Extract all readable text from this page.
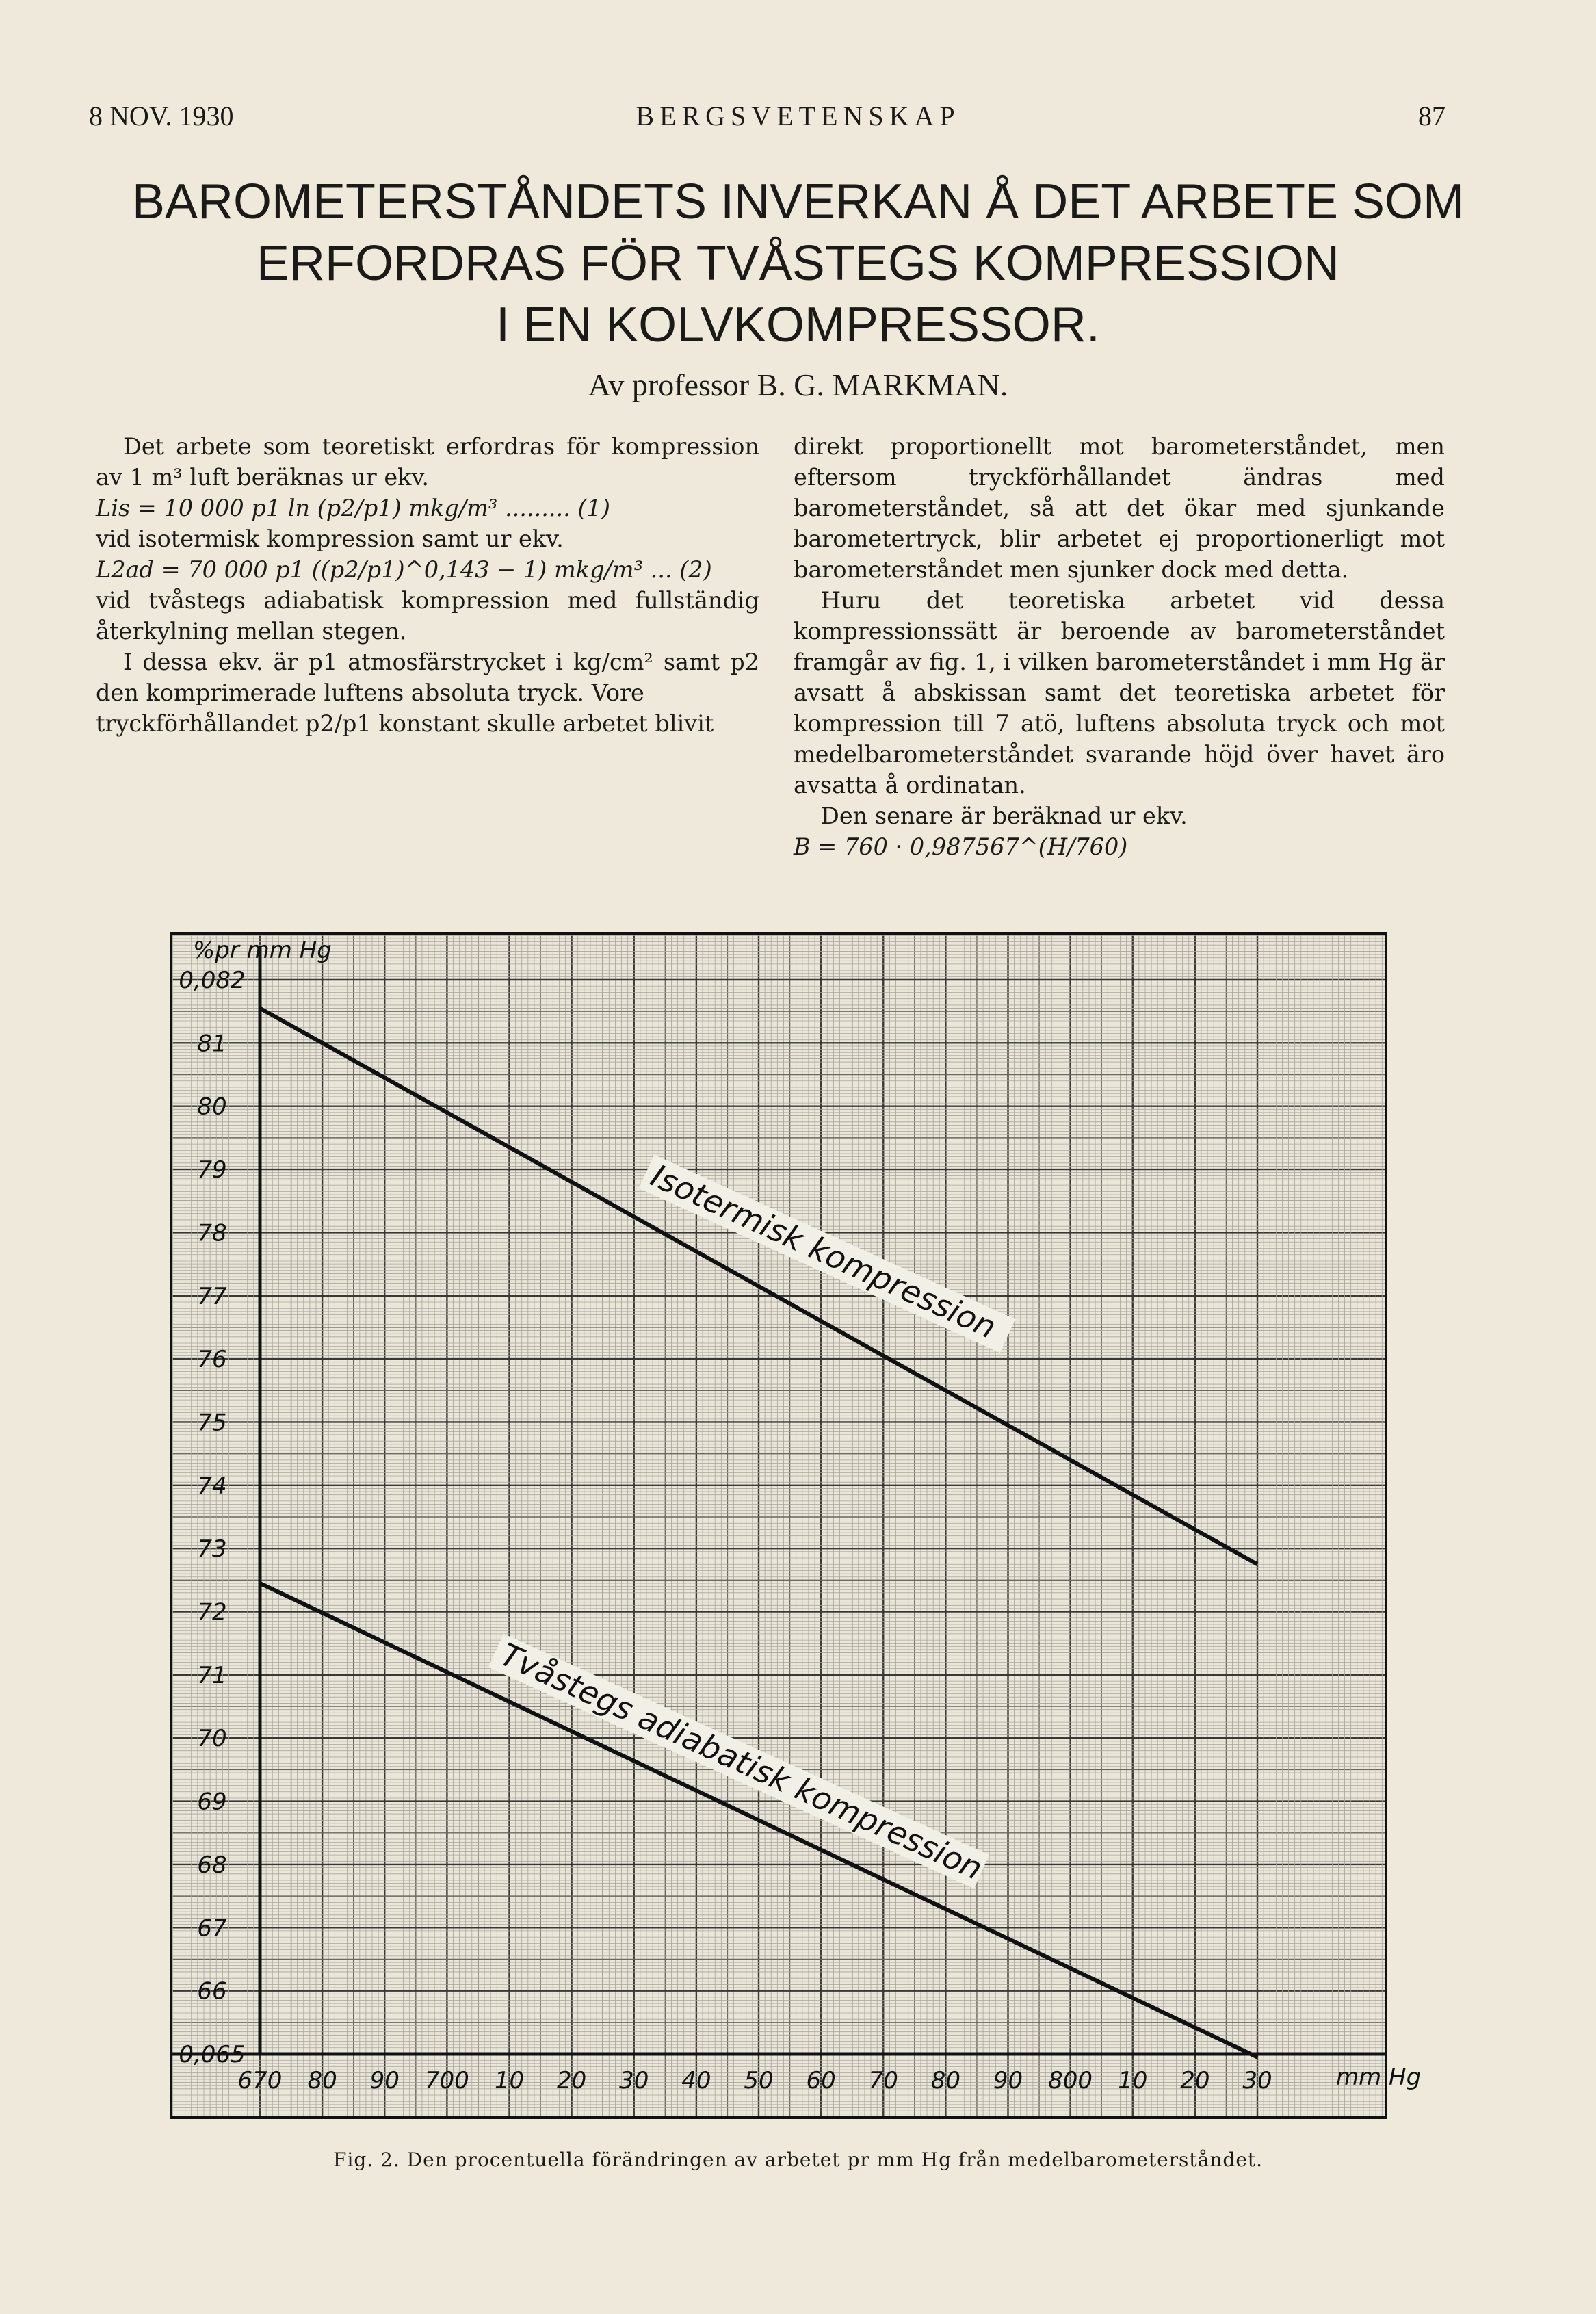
8 NOV. 1930	BERGSVETENSKAP	87
BAROMETERSTÅNDETS INVERKAN Å DET ARBETE SOM
ERFORDRAS FÖR TVÅSTEGS KOMPRESSION
I EN KOLVKOMPRESSOR.
Av professor B. G. MARKMAN.

Det arbete som teoretiskt erfordras för kompression av 1 m³ luft beräknas ur ekv.

Lis = 10 000 p1 ln (p2/p1) mkg/m³ ......... (1)

vid isotermisk kompression samt ur ekv.

L2ad = 70 000 p1 ((p2/p1)^0,143 − 1) mkg/m³ ... (2)

vid tvåstegs adiabatisk kompression med fullständig återkylning mellan stegen.

I dessa ekv. är p1 atmosfärstrycket i kg/cm² samt p2 den komprimerade luftens absoluta tryck. Vore

tryckförhållandet p2/p1 konstant skulle arbetet blivit

direkt proportionellt mot barometerståndet, men eftersom tryckförhållandet ändras med barometerståndet, så att det ökar med sjunkande barometertryck, blir arbetet ej proportionerligt mot barometerståndet men sjunker dock med detta.

Huru det teoretiska arbetet vid dessa kompressionssätt är beroende av barometerståndet framgår av fig. 1, i vilken barometerståndet i mm Hg är avsatt å abskissan samt det teoretiska arbetet för kompression till 7 atö, luftens absoluta tryck och mot medelbarometerståndet svarande höjd över havet äro avsatta å ordinatan.

Den senare är beräknad ur ekv.

B = 760 · 0,987567^(H/760)

0,065
66
67
68
69
70
71
72
73
74
75
76
77
78
79
80
81
0,082
670 80 90 700 10 20 30 40 50 60 70 80 90 800 10 20 30
%pr mm Hg
mm Hg
Isotermisk kompression
Tvåstegs adiabatisk kompression
Fig. 2. Den procentuella förändringen av arbetet pr mm Hg från medelbarometerståndet.
